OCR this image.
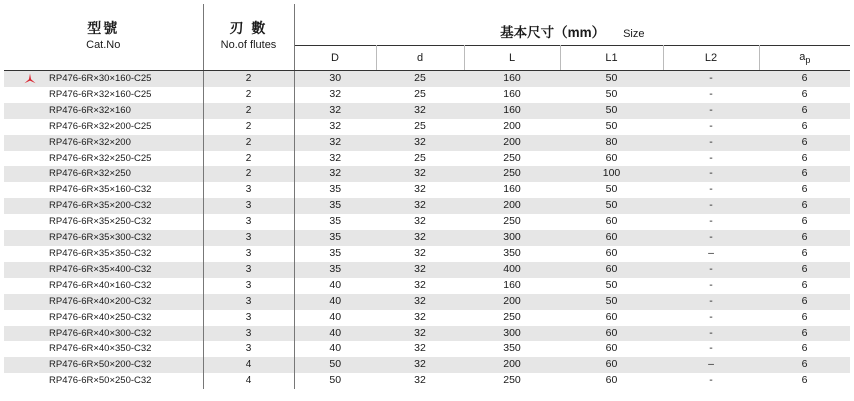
型號
Cat.No	刃 數
No.of flutes	基本尺寸（mm） Size					
		D	d	L	L1	L2	$a_p$

RP476-6R×30×160-C25	2	30	25	160	50	-	6
RP476-6R×32×160-C25	2	32	25	160	50	-	6
RP476-6R×32×160	2	32	32	160	50	-	6
RP476-6R×32×200-C25	2	32	25	200	50	-	6
RP476-6R×32×200	2	32	32	200	80	-	6
RP476-6R×32×250-C25	2	32	25	250	60	-	6
RP476-6R×32×250	2	32	32	250	100	-	6
RP476-6R×35×160-C32	3	35	32	160	50	-	6
RP476-6R×35×200-C32	3	35	32	200	50	-	6
RP476-6R×35×250-C32	3	35	32	250	60	-	6
RP476-6R×35×300-C32	3	35	32	300	60	-	6
RP476-6R×35×350-C32	3	35	32	350	60	–	6
RP476-6R×35×400-C32	3	35	32	400	60	-	6
RP476-6R×40×160-C32	3	40	32	160	50	-	6
RP476-6R×40×200-C32	3	40	32	200	50	-	6
RP476-6R×40×250-C32	3	40	32	250	60	-	6
RP476-6R×40×300-C32	3	40	32	300	60	-	6
RP476-6R×40×350-C32	3	40	32	350	60	-	6
RP476-6R×50×200-C32	4	50	32	200	60	–	6
RP476-6R×50×250-C32	4	50	32	250	60	-	6
